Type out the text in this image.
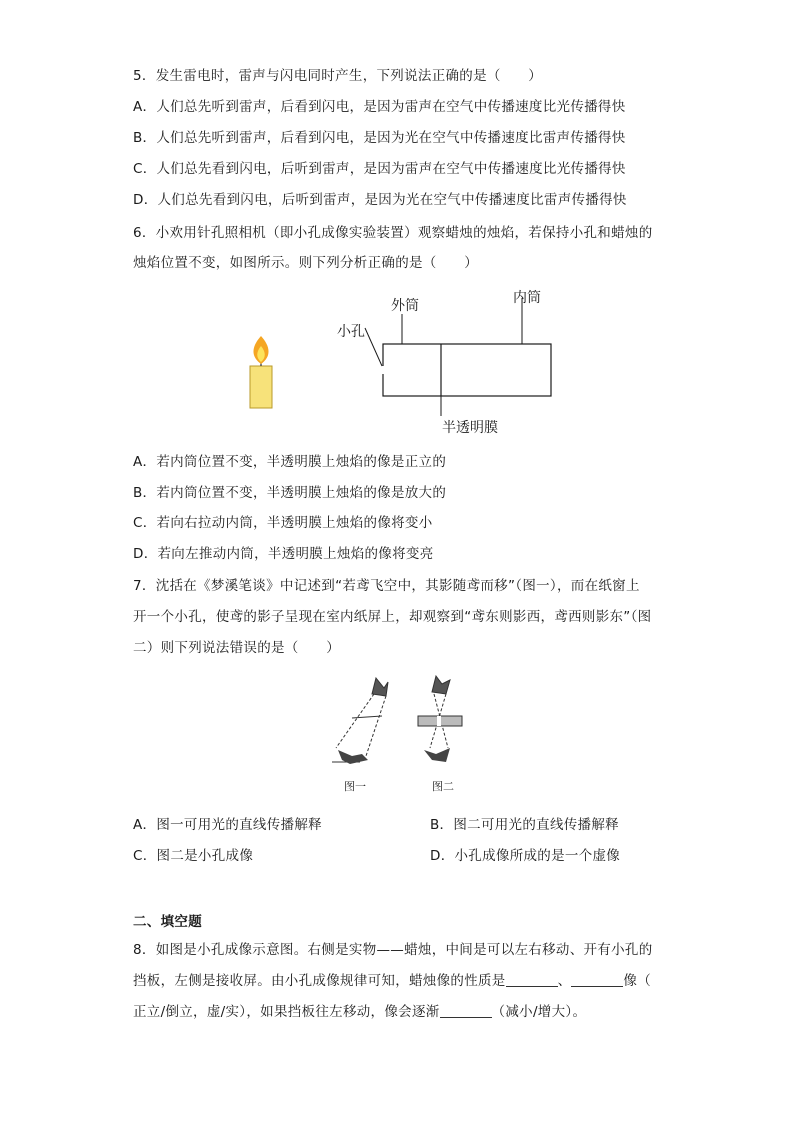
5．发生雷电时，雷声与闪电同时产生，下列说法正确的是（　　）
A．人们总先听到雷声，后看到闪电，是因为雷声在空气中传播速度比光传播得快
B．人们总先听到雷声，后看到闪电，是因为光在空气中传播速度比雷声传播得快
C．人们总先看到闪电，后听到雷声，是因为雷声在空气中传播速度比光传播得快
D．人们总先看到闪电，后听到雷声，是因为光在空气中传播速度比雷声传播得快
6．小欢用针孔照相机（即小孔成像实验装置）观察蜡烛的烛焰，若保持小孔和蜡烛的
烛焰位置不变，如图所示。则下列分析正确的是（　　）
外筒	内筒
小孔
半透明膜
A．若内筒位置不变，半透明膜上烛焰的像是正立的
B．若内筒位置不变，半透明膜上烛焰的像是放大的
C．若向右拉动内筒，半透明膜上烛焰的像将变小
D．若向左推动内筒，半透明膜上烛焰的像将变亮
7．沈括在《梦溪笔谈》中记述到“若鸢飞空中，其影随鸢而移”（图一），而在纸窗上
开一个小孔，使鸢的影子呈现在室内纸屏上，却观察到“鸢东则影西，鸢西则影东”（图
二）则下列说法错误的是（　　）
图一	图二
A．图一可用光的直线传播解释	B．图二可用光的直线传播解释
C．图二是小孔成像	D．小孔成像所成的是一个虚像
二、填空题
8．如图是小孔成像示意图。右侧是实物——蜡烛，中间是可以左右移动、开有小孔的
挡板，左侧是接收屏。由小孔成像规律可知，蜡烛像的性质是	、	像（
正立/倒立，虚/实），如果挡板往左移动，像会逐渐	（减小/增大）。
